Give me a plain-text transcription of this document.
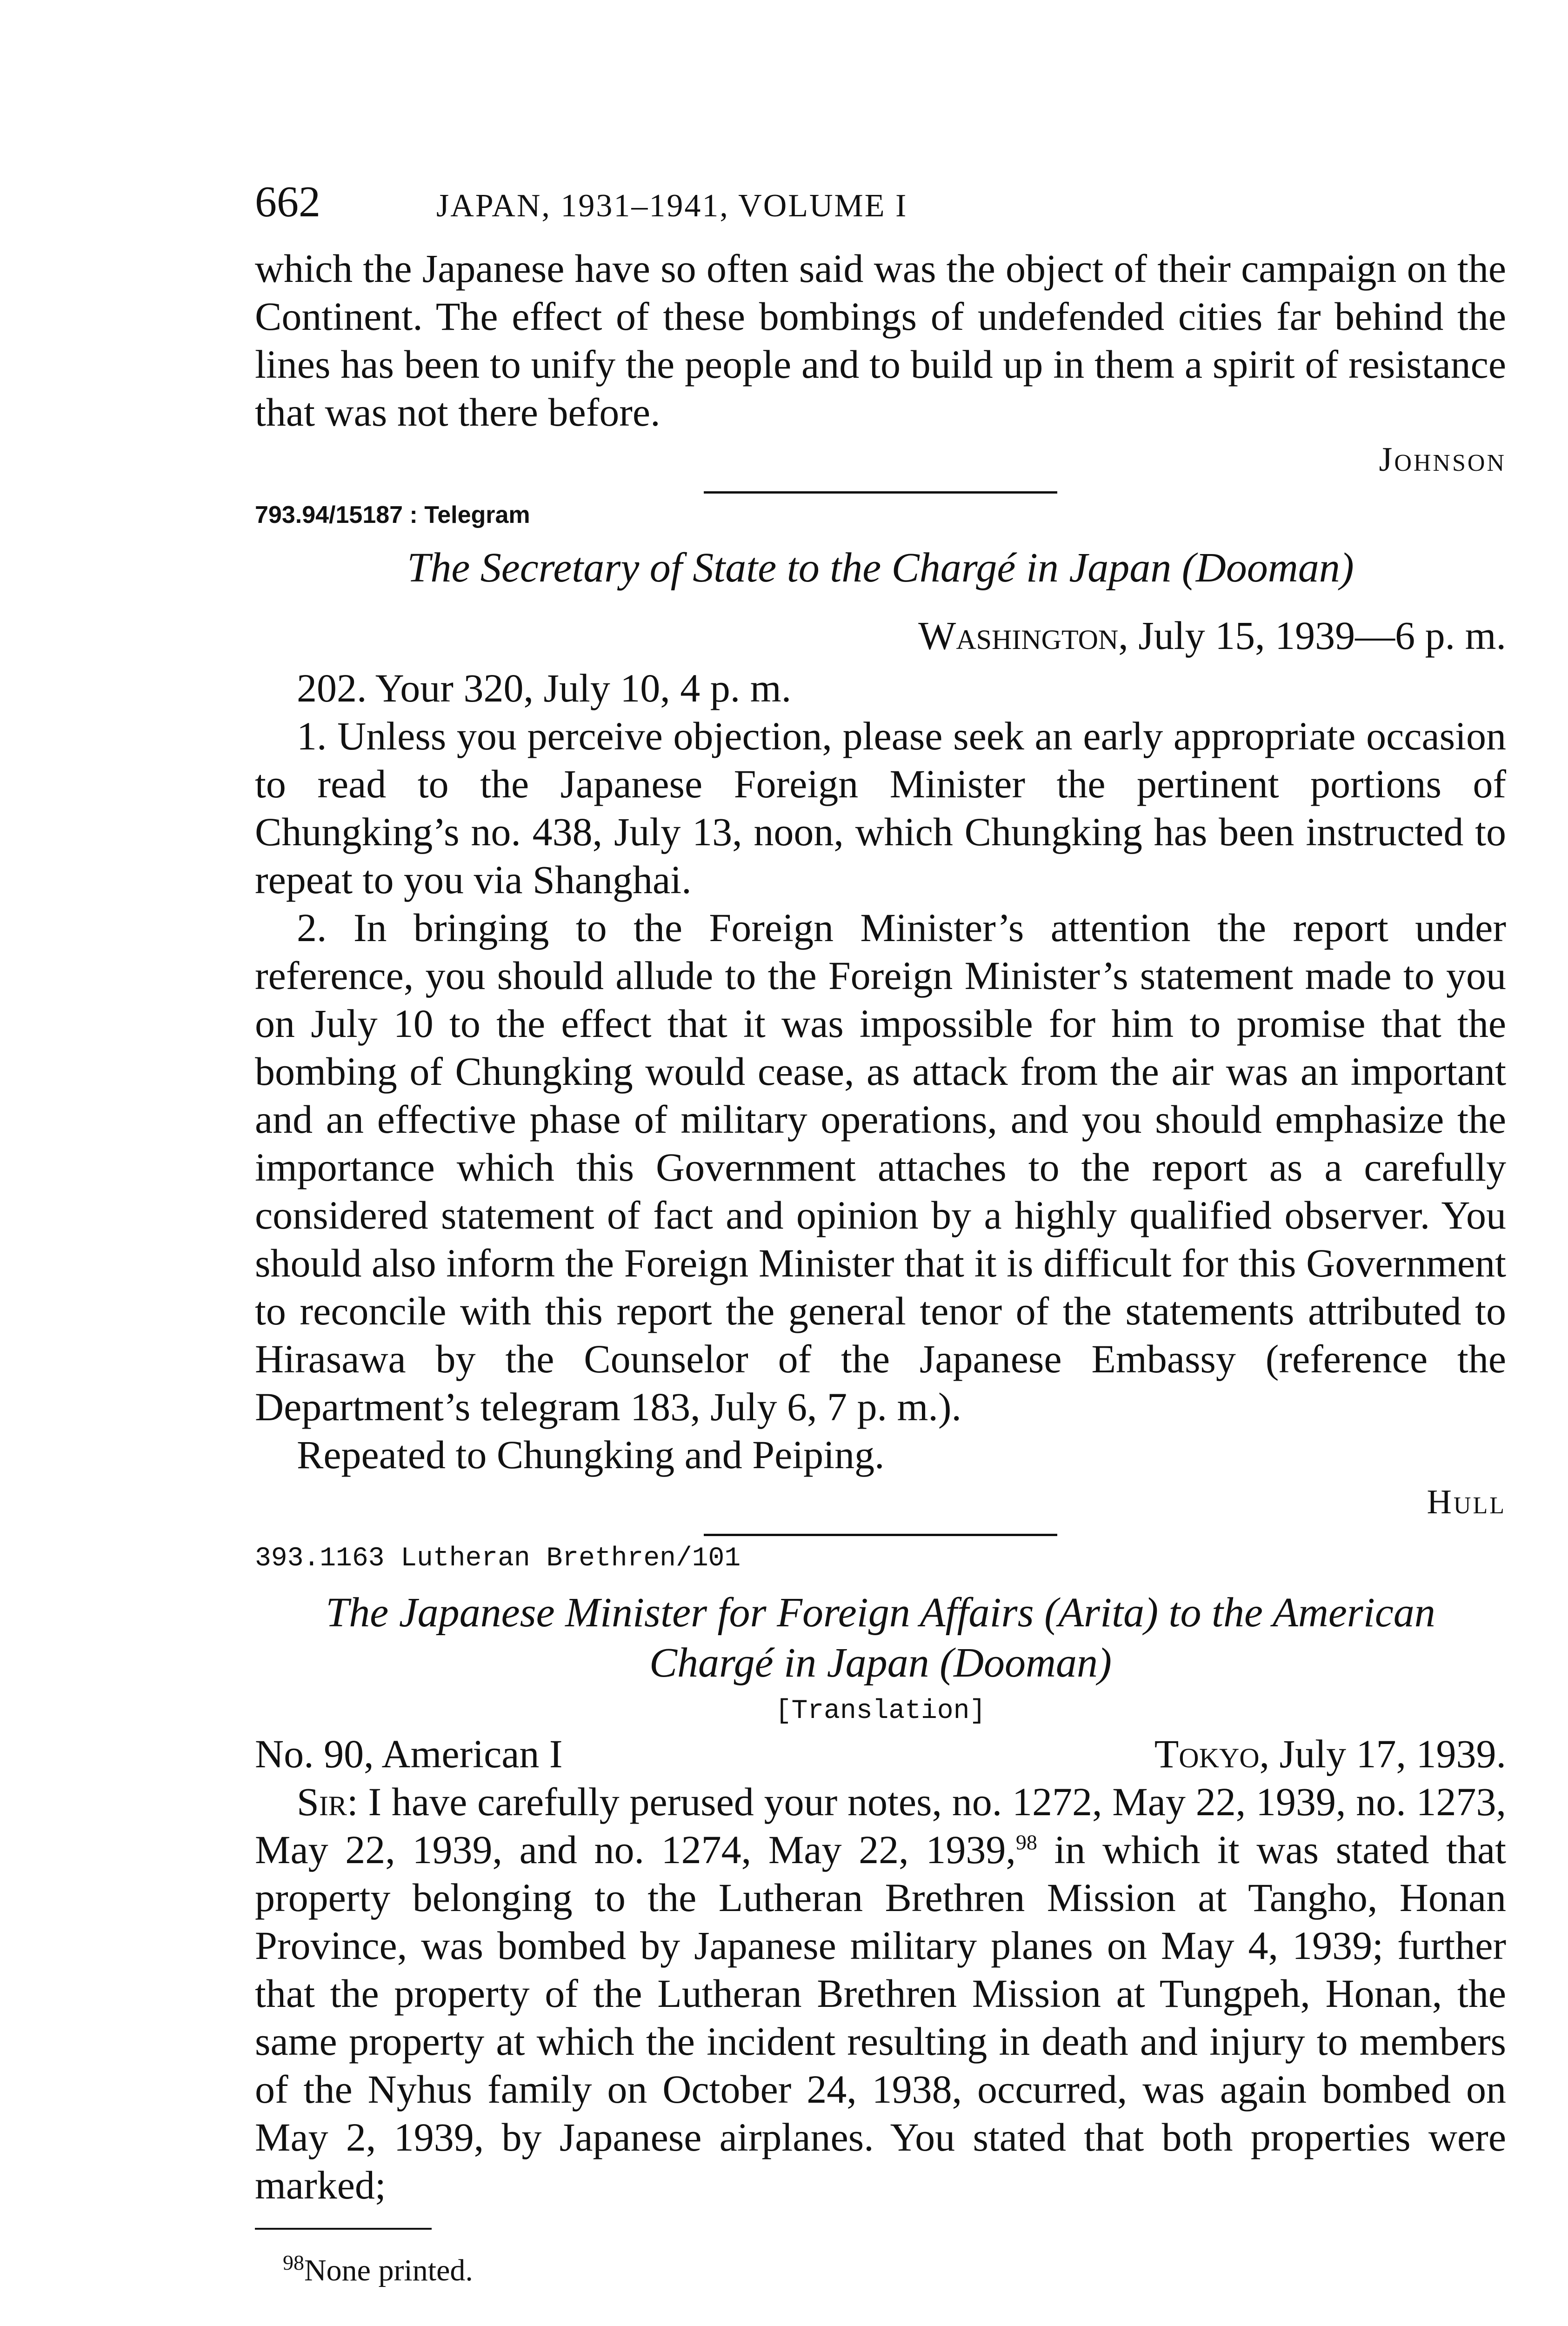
662	JAPAN, 1931–1941, VOLUME I

which the Japanese have so often said was the object of their campaign on the Continent. The effect of these bombings of undefended cities far behind the lines has been to unify the people and to build up in them a spirit of resistance that was not there before.

Johnson

793.94/15187 : Telegram

The Secretary of State to the Chargé in Japan (Dooman)

Washington, July 15, 1939—6 p. m.

202. Your 320, July 10, 4 p. m.

1. Unless you perceive objection, please seek an early appropriate occasion to read to the Japanese Foreign Minister the pertinent portions of Chungking’s no. 438, July 13, noon, which Chungking has been instructed to repeat to you via Shanghai.

2. In bringing to the Foreign Minister’s attention the report under reference, you should allude to the Foreign Minister’s statement made to you on July 10 to the effect that it was impossible for him to promise that the bombing of Chungking would cease, as attack from the air was an important and an effective phase of military operations, and you should emphasize the importance which this Government attaches to the report as a carefully considered statement of fact and opinion by a highly qualified observer. You should also inform the Foreign Minister that it is difficult for this Government to reconcile with this report the general tenor of the statements attributed to Hirasawa by the Counselor of the Japanese Embassy (reference the Department’s telegram 183, July 6, 7 p. m.).

Repeated to Chungking and Peiping.

Hull

393.1163 Lutheran Brethren/101

The Japanese Minister for Foreign Affairs (Arita) to the American
Chargé in Japan (Dooman)

[Translation]

No. 90, American I	Tokyo, July 17, 1939.

Sir: I have carefully perused your notes, no. 1272, May 22, 1939, no. 1273, May 22, 1939, and no. 1274, May 22, 1939,98 in which it was stated that property belonging to the Lutheran Brethren Mission at Tangho, Honan Province, was bombed by Japanese military planes on May 4, 1939; further that the property of the Lutheran Brethren Mission at Tungpeh, Honan, the same property at which the incident resulting in death and injury to members of the Nyhus family on October 24, 1938, occurred, was again bombed on May 2, 1939, by Japanese airplanes. You stated that both properties were marked;

$^{98}$None printed.
